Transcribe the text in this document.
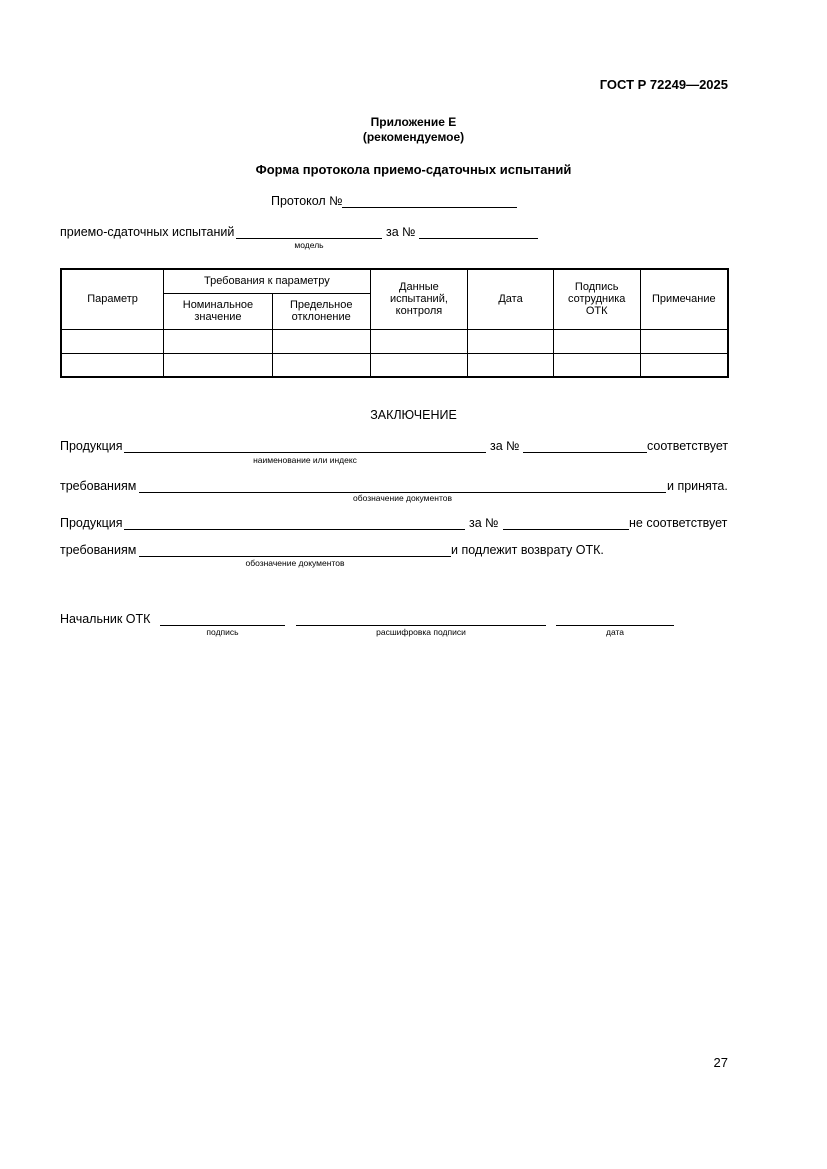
ГОСТ Р 72249—2025
Приложение Е
(рекомендуемое)
Форма протокола приемо-сдаточных испытаний
Протокол №
приемо-сдаточных испытаний
модель
за №
Параметр	Требования к параметру		Данные испытаний, контроля	Дата	Подпись сотрудника ОТК	Примечание
	Номинальное значение	Предельное отклонение				

ЗАКЛЮЧЕНИЕ
Продукция
наименование или индекс
за №	соответствует
требованиям
обозначение документов
и принята.
Продукция	за №	не соответствует
требованиям
обозначение документов
и подлежит возврату ОТК.
Начальник ОТК
подпись	расшифровка подписи	дата
27
